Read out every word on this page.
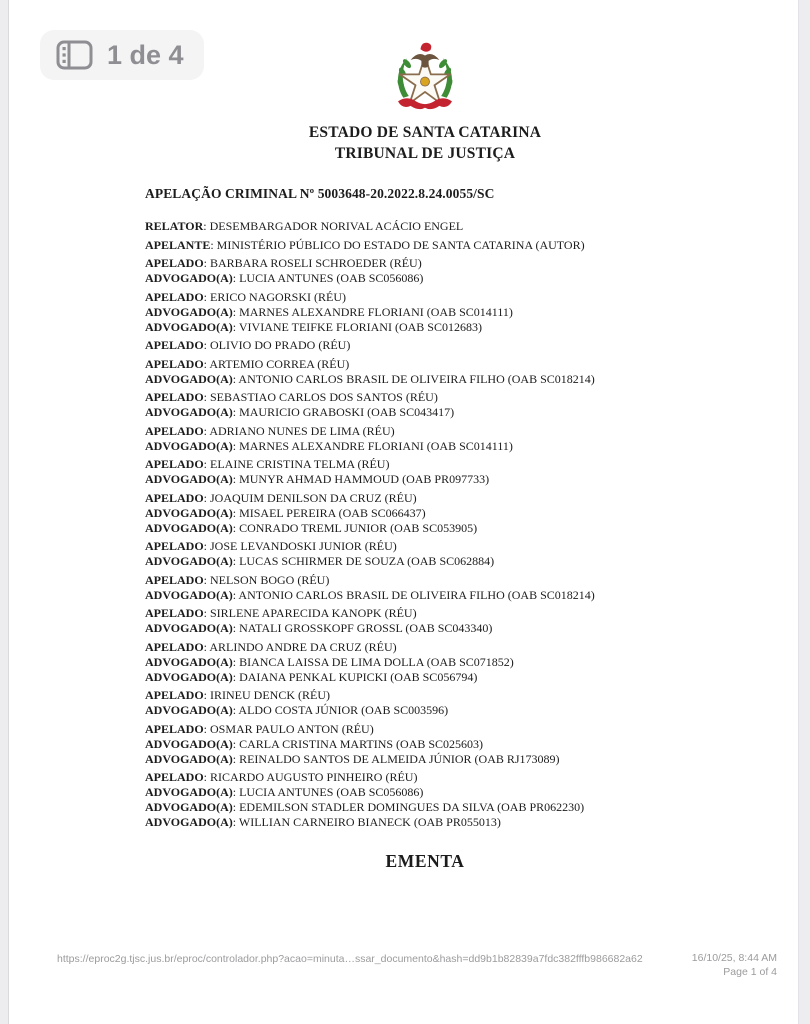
1 de 4
ESTADO DE SANTA CATARINA
TRIBUNAL DE JUSTIÇA
APELAÇÃO CRIMINAL Nº 5003648-20.2022.8.24.0055/SC

RELATOR: DESEMBARGADOR NORIVAL ACÁCIO ENGEL

APELANTE: MINISTÉRIO PÚBLICO DO ESTADO DE SANTA CATARINA (AUTOR)

APELADO: BARBARA ROSELI SCHROEDER (RÉU)

ADVOGADO(A): LUCIA ANTUNES (OAB SC056086)

APELADO: ERICO NAGORSKI (RÉU)

ADVOGADO(A): MARNES ALEXANDRE FLORIANI (OAB SC014111)

ADVOGADO(A): VIVIANE TEIFKE FLORIANI (OAB SC012683)

APELADO: OLIVIO DO PRADO (RÉU)

APELADO: ARTEMIO CORREA (RÉU)

ADVOGADO(A): ANTONIO CARLOS BRASIL DE OLIVEIRA FILHO (OAB SC018214)

APELADO: SEBASTIAO CARLOS DOS SANTOS (RÉU)

ADVOGADO(A): MAURICIO GRABOSKI (OAB SC043417)

APELADO: ADRIANO NUNES DE LIMA (RÉU)

ADVOGADO(A): MARNES ALEXANDRE FLORIANI (OAB SC014111)

APELADO: ELAINE CRISTINA TELMA (RÉU)

ADVOGADO(A): MUNYR AHMAD HAMMOUD (OAB PR097733)

APELADO: JOAQUIM DENILSON DA CRUZ (RÉU)

ADVOGADO(A): MISAEL PEREIRA (OAB SC066437)

ADVOGADO(A): CONRADO TREML JUNIOR (OAB SC053905)

APELADO: JOSE LEVANDOSKI JUNIOR (RÉU)

ADVOGADO(A): LUCAS SCHIRMER DE SOUZA (OAB SC062884)

APELADO: NELSON BOGO (RÉU)

ADVOGADO(A): ANTONIO CARLOS BRASIL DE OLIVEIRA FILHO (OAB SC018214)

APELADO: SIRLENE APARECIDA KANOPK (RÉU)

ADVOGADO(A): NATALI GROSSKOPF GROSSL (OAB SC043340)

APELADO: ARLINDO ANDRE DA CRUZ (RÉU)

ADVOGADO(A): BIANCA LAISSA DE LIMA DOLLA (OAB SC071852)

ADVOGADO(A): DAIANA PENKAL KUPICKI (OAB SC056794)

APELADO: IRINEU DENCK (RÉU)

ADVOGADO(A): ALDO COSTA JÚNIOR (OAB SC003596)

APELADO: OSMAR PAULO ANTON (RÉU)

ADVOGADO(A): CARLA CRISTINA MARTINS (OAB SC025603)

ADVOGADO(A): REINALDO SANTOS DE ALMEIDA JÚNIOR (OAB RJ173089)

APELADO: RICARDO AUGUSTO PINHEIRO (RÉU)

ADVOGADO(A): LUCIA ANTUNES (OAB SC056086)

ADVOGADO(A): EDEMILSON STADLER DOMINGUES DA SILVA (OAB PR062230)

ADVOGADO(A): WILLIAN CARNEIRO BIANECK (OAB PR055013)

EMENTA
https://eproc2g.tjsc.jus.br/eproc/controlador.php?acao=minuta…ssar_documento&hash=dd9b1b82839a7fdc382fffb986682a62	16/10/25, 8:44 AM
Page 1 of 4
